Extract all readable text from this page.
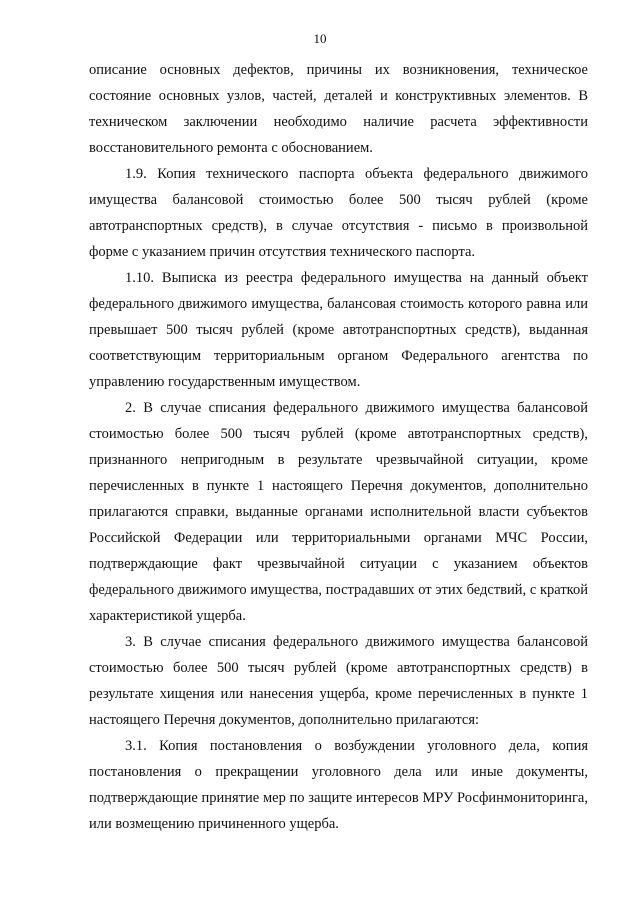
10

описание основных дефектов, причины их возникновения, техническое состояние основных узлов, частей, деталей и конструктивных элементов. В техническом заключении необходимо наличие расчета эффективности восстановительного ремонта с обоснованием.

1.9. Копия технического паспорта объекта федерального движимого имущества балансовой стоимостью более 500 тысяч рублей (кроме автотранспортных средств), в случае отсутствия - письмо в произвольной форме с указанием причин отсутствия технического паспорта.

1.10. Выписка из реестра федерального имущества на данный объект федерального движимого имущества, балансовая стоимость которого равна или превышает 500 тысяч рублей (кроме автотранспортных средств), выданная соответствующим территориальным органом Федерального агентства по управлению государственным имуществом.

2. В случае списания федерального движимого имущества балансовой стоимостью более 500 тысяч рублей (кроме автотранспортных средств), признанного непригодным в результате чрезвычайной ситуации, кроме перечисленных в пункте 1 настоящего Перечня документов, дополнительно прилагаются справки, выданные органами исполнительной власти субъектов Российской Федерации или территориальными органами МЧС России, подтверждающие факт чрезвычайной ситуации с указанием объектов федерального движимого имущества, пострадавших от этих бедствий, с краткой характеристикой ущерба.

3. В случае списания федерального движимого имущества балансовой стоимостью более 500 тысяч рублей (кроме автотранспортных средств) в результате хищения или нанесения ущерба, кроме перечисленных в пункте 1 настоящего Перечня документов, дополнительно прилагаются:

3.1. Копия постановления о возбуждении уголовного дела, копия постановления о прекращении уголовного дела или иные документы, подтверждающие принятие мер по защите интересов МРУ Росфинмониторинга, или возмещению причиненного ущерба.
